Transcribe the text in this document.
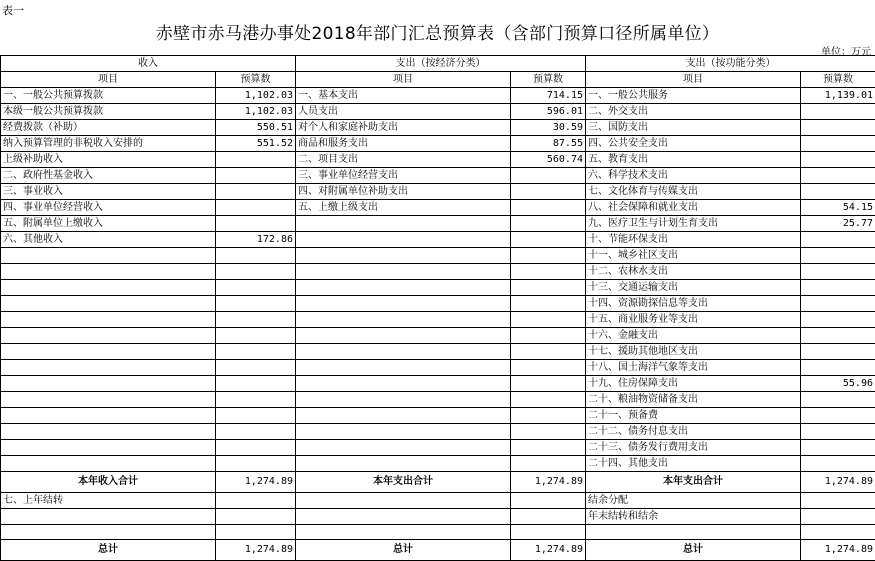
表一
赤壁市赤马港办事处2018年部门汇总预算表（含部门预算口径所属单位）
单位：万元
收入		支出（按经济分类）		支出（按功能分类）	
项目	预算数	项目	预算数	项目	预算数
一、一般公共预算拨款	1,102.03	一、基本支出	714.15	一、一般公共服务	1,139.01
本级一般公共预算拨款	1,102.03	人员支出	596.01	二、外交支出	
经费拨款（补助）	550.51	对个人和家庭补助支出	30.59	三、国防支出	
纳入预算管理的非税收入安排的	551.52	商品和服务支出	87.55	四、公共安全支出	
上级补助收入		二、项目支出	560.74	五、教育支出	
二、政府性基金收入		三、事业单位经营支出		六、科学技术支出	
三、事业收入		四、对附属单位补助支出		七、文化体育与传媒支出	
四、事业单位经营收入		五、上缴上级支出		八、社会保障和就业支出	54.15
五、附属单位上缴收入				九、医疗卫生与计划生育支出	25.77
六、其他收入	172.86			十、节能环保支出	
				十一、城乡社区支出	
				十二、农林水支出	
				十三、交通运输支出	
				十四、资源勘探信息等支出	
				十五、商业服务业等支出	
				十六、金融支出	
				十七、援助其他地区支出	
				十八、国土海洋气象等支出	
				十九、住房保障支出	55.96
				二十、粮油物资储备支出	
				二十一、预备费	
				二十二、债务付息支出	
				二十三、债务发行费用支出	
				二十四、其他支出	
本年收入合计	1,274.89	本年支出合计	1,274.89	本年支出合计	1,274.89
七、上年结转				结余分配	
				年末结转和结余	

总计	1,274.89	总计	1,274.89	总计	1,274.89
